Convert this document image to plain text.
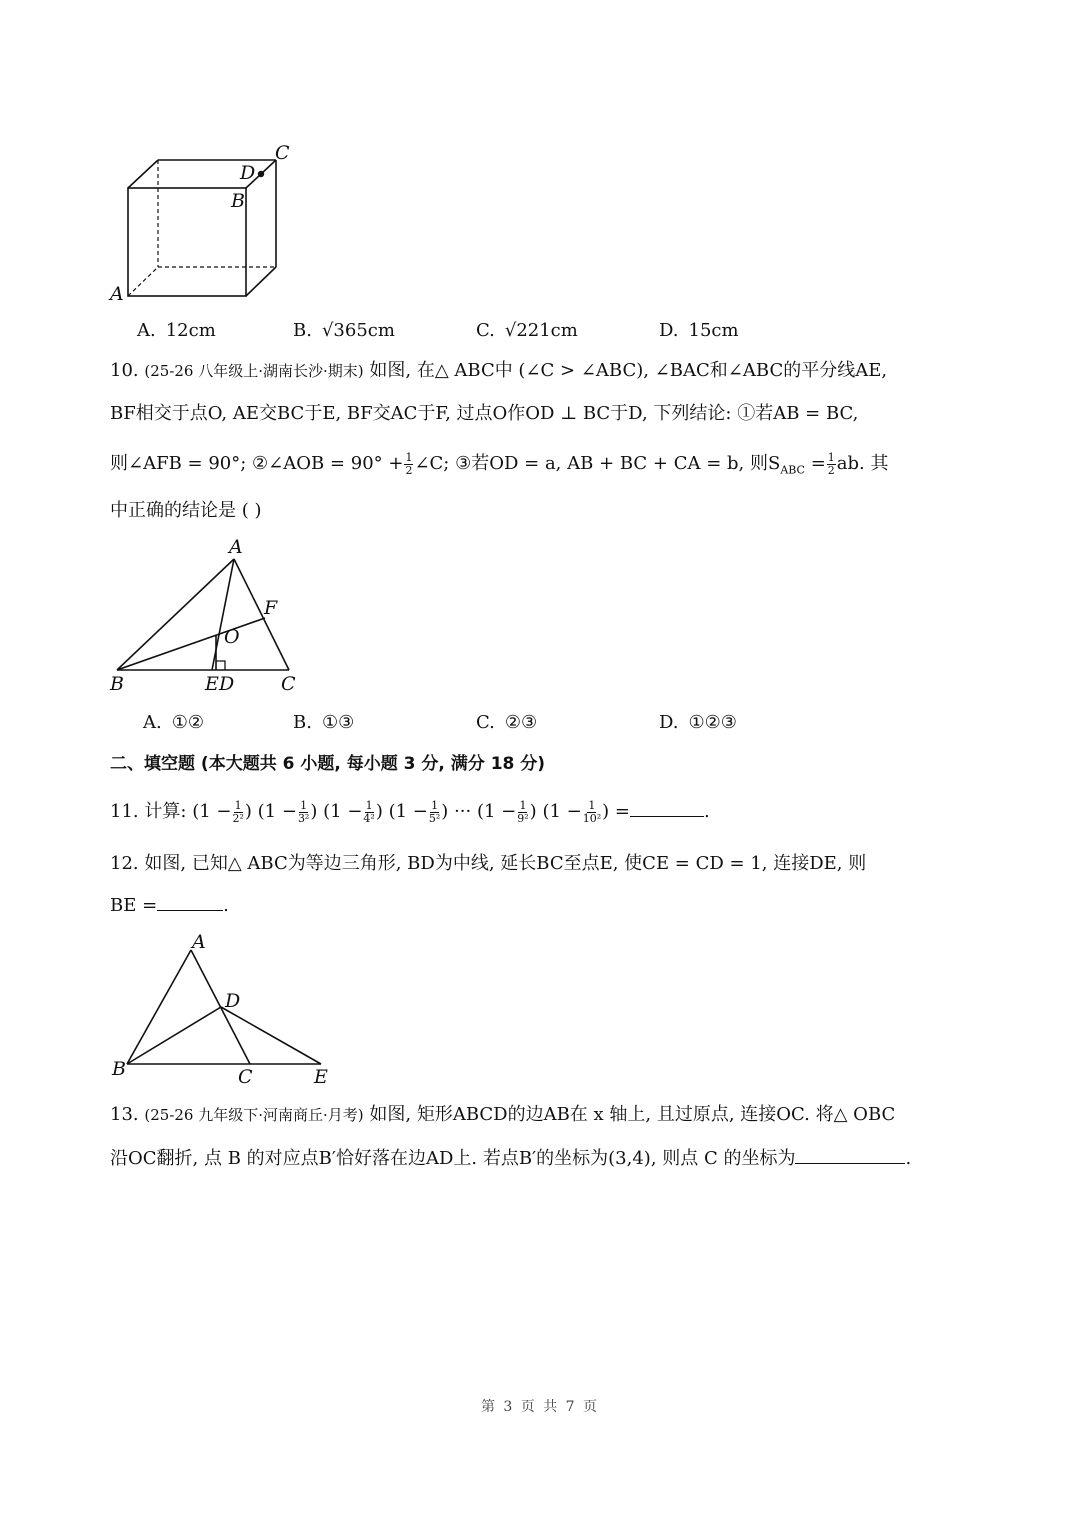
C
D
B
A
A. 12cm	B. √365cm	C. √221cm	D. 15cm
10. (25-26 八年级上·湖南长沙·期末) 如图, 在△ ABC中 (∠C > ∠ABC), ∠BAC和∠ABC的平分线AE,
BF相交于点O, AE交BC于E, BF交AC于F, 过点O作OD ⊥ BC于D, 下列结论: ①若AB = BC,
则∠AFB = 90°; ②∠AOB = $90^\circ + \frac{1}{2}$ ∠C; ③若OD = a, AB + BC + CA = b, 则$S_{ABC} = \frac{1}{2}$ ab. 其
中正确的结论是 ( )
A
F
O
B	E D C
A. ①②	B. ①③	C. ②③	D. ①②③
二、填空题 (本大题共 6 小题, 每小题 3 分, 满分 18 分)
11. 计算: ($1 - \frac{1}{\text{2²}}$ ) ($1 - \frac{1}{\text{3²}}$ ) ($1 - \frac{1}{\text{4²}}$ ) ($1 - \frac{1}{\text{5²}}$ ) ··· ($1 - \frac{1}{\text{9²}}$ ) ($1 - \frac{1}{\text{10²}}$ ) =	.
12. 如图, 已知△ ABC为等边三角形, BD为中线, 延长BC至点E, 使CE = CD = 1, 连接DE, 则
BE =	.
A
D
B	C	E
13. (25-26 九年级下·河南商丘·月考) 如图, 矩形ABCD的边AB在 x 轴上, 且过原点, 连接OC. 将△ OBC
沿OC翻折, 点 B 的对应点B′恰好落在边AD上. 若点B′的坐标为(3,4), 则点 C 的坐标为	.
第 3 页 共 7 页
